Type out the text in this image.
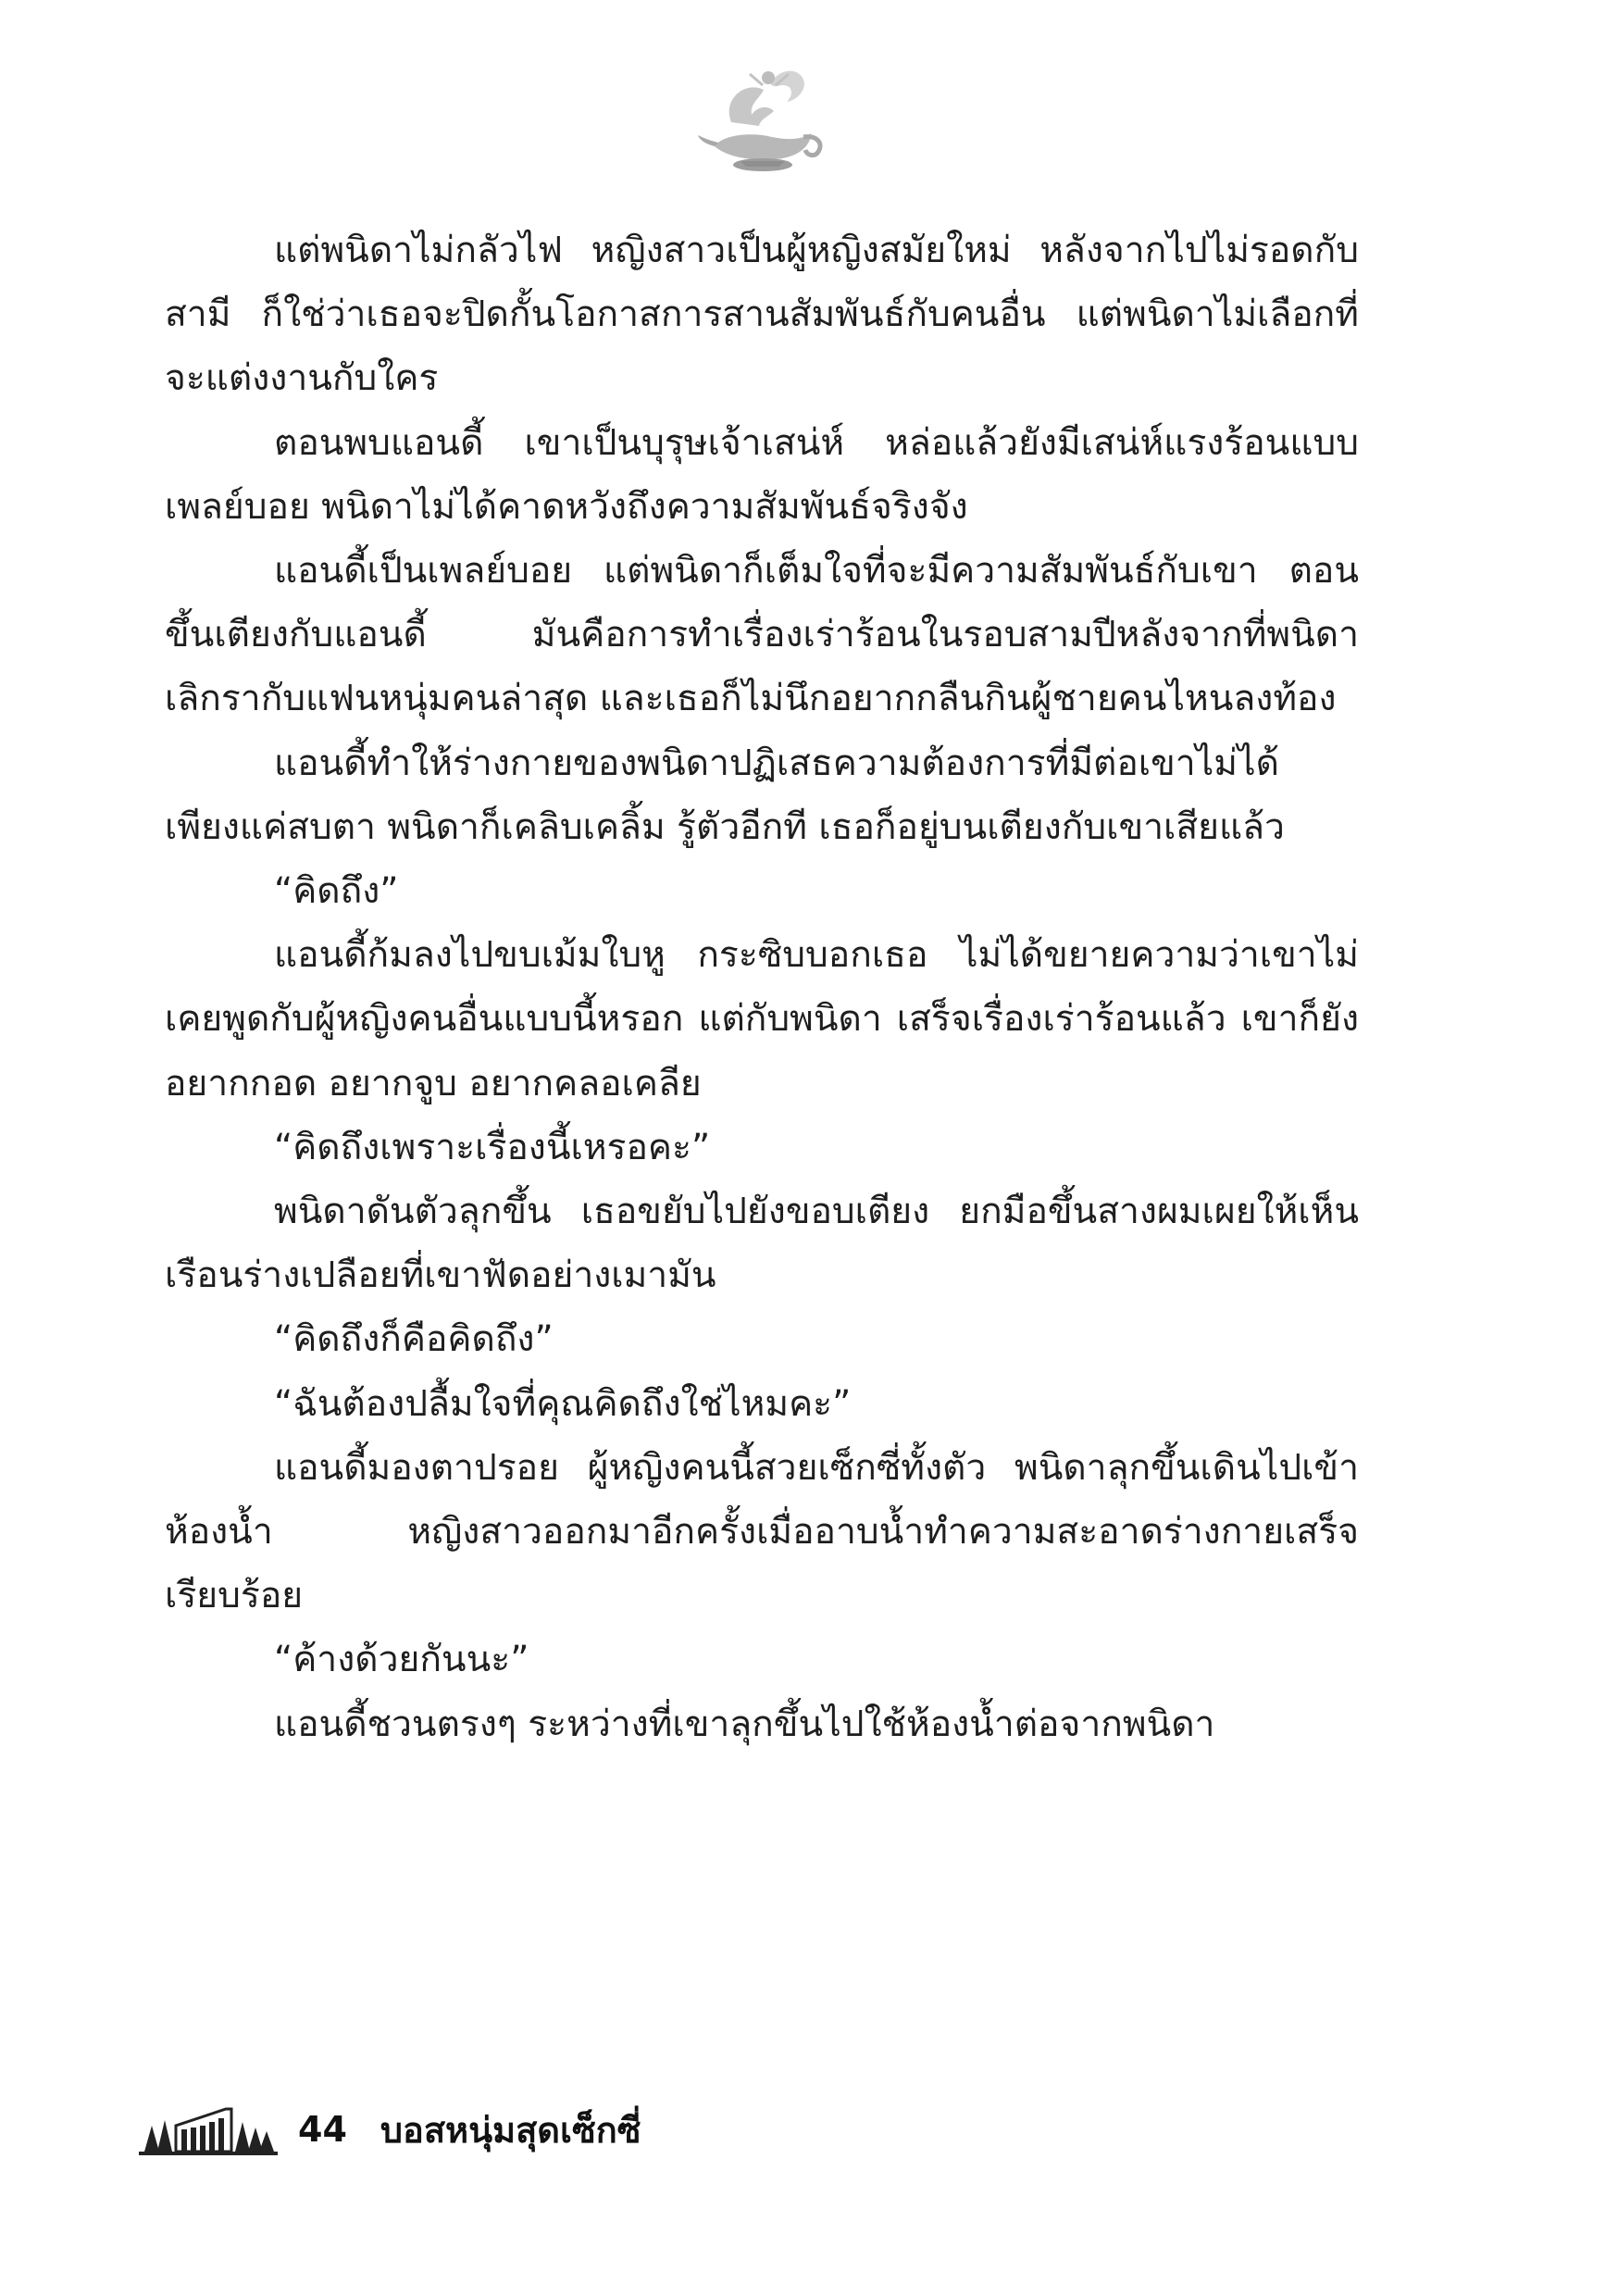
แต่พนิดาไม่กลัวไฟ หญิงสาวเป็นผู้หญิงสมัยใหม่ หลังจากไปไม่รอดกับสามี ก็ใช่ว่าเธอจะปิดกั้นโอกาสการสานสัมพันธ์กับคนอื่น แต่พนิดาไม่เลือกที่จะแต่งงานกับใคร

ตอนพบแอนดี้ เขาเป็นบุรุษเจ้าเสน่ห์ หล่อแล้วยังมีเสน่ห์แรงร้อนแบบเพลย์บอย พนิดาไม่ได้คาดหวังถึงความสัมพันธ์จริงจัง

แอนดี้เป็นเพลย์บอย แต่พนิดาก็เต็มใจที่จะมีความสัมพันธ์กับเขา ตอนขึ้นเตียงกับแอนดี้ มันคือการทำเรื่องเร่าร้อนในรอบสามปีหลังจากที่พนิดาเลิกรากับแฟนหนุ่มคนล่าสุด และเธอก็ไม่นึกอยากกลืนกินผู้ชายคนไหนลงท้อง

แอนดี้ทำให้ร่างกายของพนิดาปฏิเสธความต้องการที่มีต่อเขาไม่ได้ เพียงแค่สบตา พนิดาก็เคลิบเคลิ้ม รู้ตัวอีกที เธอก็อยู่บนเตียงกับเขาเสียแล้ว

“คิดถึง”

แอนดี้ก้มลงไปขบเม้มใบหู กระซิบบอกเธอ ไม่ได้ขยายความว่าเขาไม่เคยพูดกับผู้หญิงคนอื่นแบบนี้หรอก แต่กับพนิดา เสร็จเรื่องเร่าร้อนแล้ว เขาก็ยังอยากกอด อยากจูบ อยากคลอเคลีย

“คิดถึงเพราะเรื่องนี้เหรอคะ”

พนิดาดันตัวลุกขึ้น เธอขยับไปยังขอบเตียง ยกมือขึ้นสางผมเผยให้เห็นเรือนร่างเปลือยที่เขาฟัดอย่างเมามัน

“คิดถึงก็คือคิดถึง”

“ฉันต้องปลื้มใจที่คุณคิดถึงใช่ไหมคะ”

แอนดี้มองตาปรอย ผู้หญิงคนนี้สวยเซ็กซี่ทั้งตัว พนิดาลุกขึ้นเดินไปเข้าห้องน้ำ หญิงสาวออกมาอีกครั้งเมื่ออาบน้ำทำความสะอาดร่างกายเสร็จเรียบร้อย

“ค้างด้วยกันนะ”

แอนดี้ชวนตรงๆ ระหว่างที่เขาลุกขึ้นไปใช้ห้องน้ำต่อจากพนิดา

44 บอสหนุ่มสุดเซ็กซี่
